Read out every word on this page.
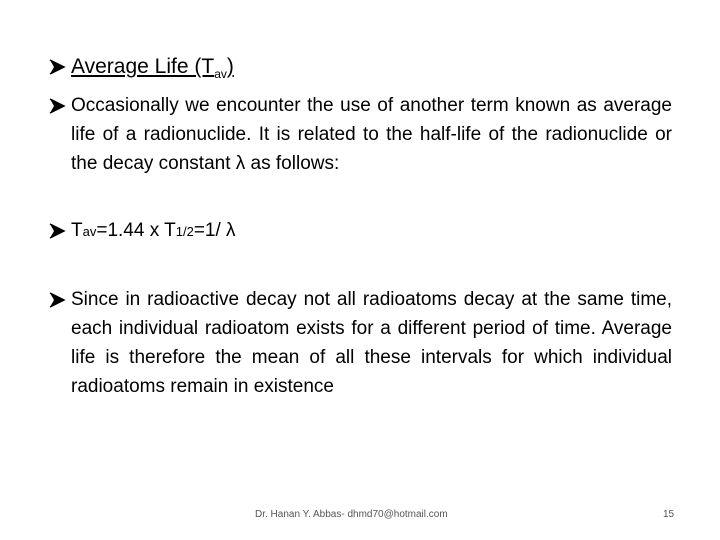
Average Life $(T_{av})$
Occasionally we encounter the use of another term known as average life of a radionuclide. It is related to the half-life of the radionuclide or the decay constant λ as follows:
Tav=1.44 x T1/2=1/ λ
Since in radioactive decay not all radioatoms decay at the same time, each individual radioatom exists for a different period of time. Average life is therefore the mean of all these intervals for which individual radioatoms remain in existence
Dr. Hanan Y. Abbas- dhmd70@hotmail.com	15
